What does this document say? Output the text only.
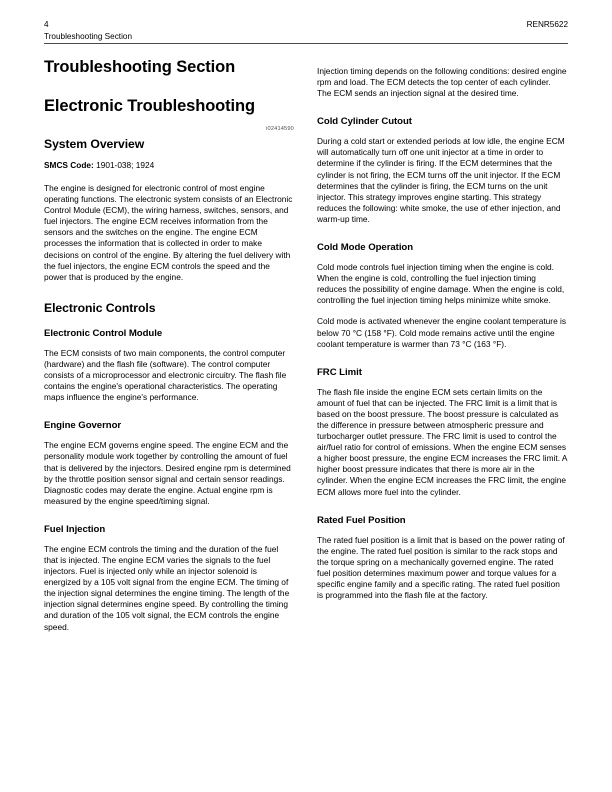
4	RENR5622
Troubleshooting Section
Troubleshooting Section
Electronic Troubleshooting
i02414590
System Overview
SMCS Code: 1901-038; 1924

The engine is designed for electronic control of most engine operating functions. The electronic system consists of an Electronic Control Module (ECM), the wiring harness, switches, sensors, and fuel injectors. The engine ECM receives information from the sensors and the switches on the engine. The engine ECM processes the information that is collected in order to make decisions on control of the engine. By altering the fuel delivery with the fuel injectors, the engine ECM controls the speed and the power that is produced by the engine.

Electronic Controls
Electronic Control Module

The ECM consists of two main components, the control computer (hardware) and the flash file (software). The control computer consists of a microprocessor and electronic circuitry. The flash file contains the engine's operational characteristics. The operating maps influence the engine's performance.

Engine Governor

The engine ECM governs engine speed. The engine ECM and the personality module work together by controlling the amount of fuel that is delivered by the injectors. Desired engine rpm is determined by the throttle position sensor signal and certain sensor readings. Diagnostic codes may derate the engine. Actual engine rpm is measured by the engine speed/timing signal.

Fuel Injection

The engine ECM controls the timing and the duration of the fuel that is injected. The engine ECM varies the signals to the fuel injectors. Fuel is injected only while an injector solenoid is energized by a 105 volt signal from the engine ECM. The timing of the injection signal determines the engine timing. The length of the injection signal determines engine speed. By controlling the timing and duration of the 105 volt signal, the ECM controls the engine speed.

Injection timing depends on the following conditions: desired engine rpm and load. The ECM detects the top center of each cylinder. The ECM sends an injection signal at the desired time.

Cold Cylinder Cutout

During a cold start or extended periods at low idle, the engine ECM will automatically turn off one unit injector at a time in order to determine if the cylinder is firing. If the ECM determines that the cylinder is not firing, the ECM turns off the unit injector. If the ECM determines that the cylinder is firing, the ECM turns on the unit injector. This strategy improves engine starting. This strategy reduces the following: white smoke, the use of ether injection, and warm-up time.

Cold Mode Operation

Cold mode controls fuel injection timing when the engine is cold. When the engine is cold, controlling the fuel injection timing reduces the possibility of engine damage. When the engine is cold, controlling the fuel injection timing helps minimize white smoke.

Cold mode is activated whenever the engine coolant temperature is below 70 °C (158 °F). Cold mode remains active until the engine coolant temperature is warmer than 73 °C (163 °F).

FRC Limit

The flash file inside the engine ECM sets certain limits on the amount of fuel that can be injected. The FRC limit is a limit that is based on the boost pressure. The boost pressure is calculated as the difference in pressure between atmospheric pressure and turbocharger outlet pressure. The FRC limit is used to control the air/fuel ratio for control of emissions. When the engine ECM senses a higher boost pressure, the engine ECM increases the FRC limit. A higher boost pressure indicates that there is more air in the cylinder. When the engine ECM increases the FRC limit, the engine ECM allows more fuel into the cylinder.

Rated Fuel Position

The rated fuel position is a limit that is based on the power rating of the engine. The rated fuel position is similar to the rack stops and the torque spring on a mechanically governed engine. The rated fuel position determines maximum power and torque values for a specific engine family and a specific rating. The rated fuel position is programmed into the flash file at the factory.
